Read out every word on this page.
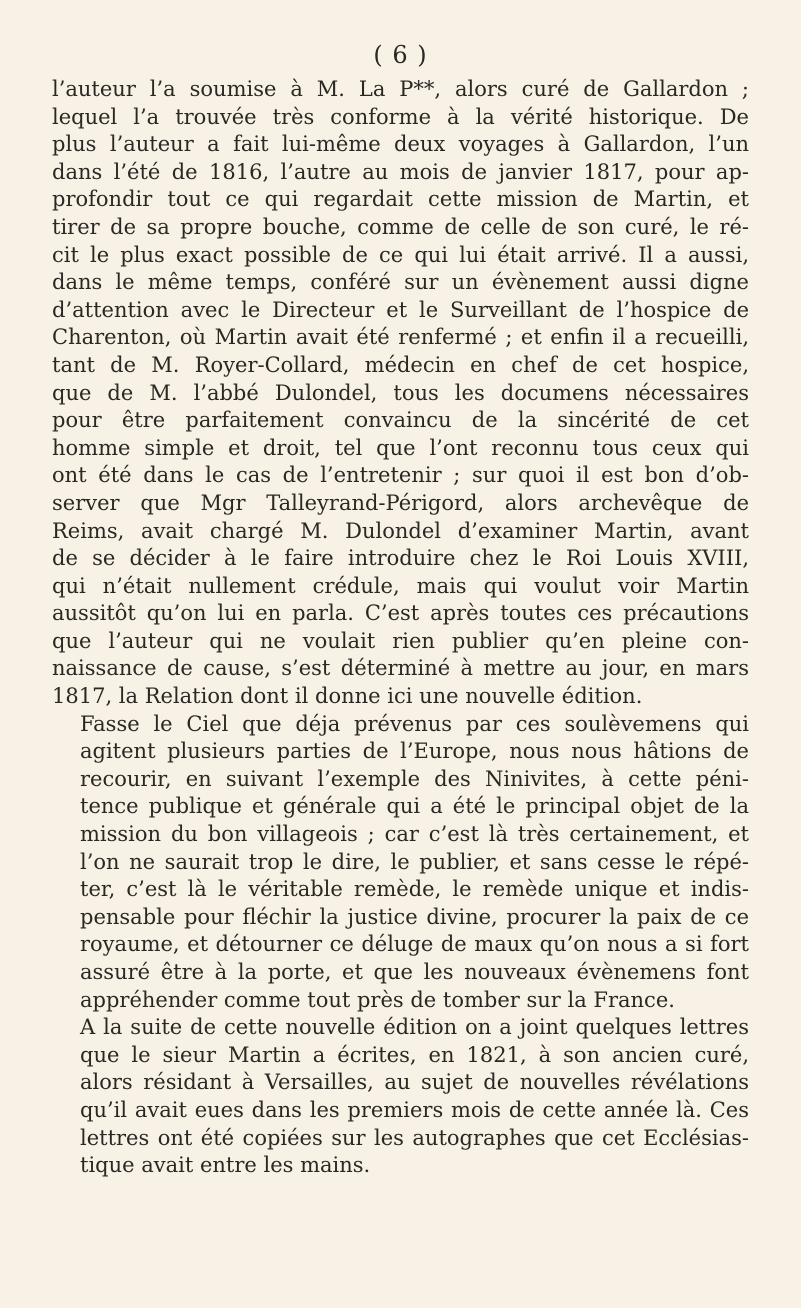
( 6 )

l’auteur l’a soumise à M. La P**, alors curé de Gallardon ;
lequel l’a trouvée très conforme à la vérité historique. De
plus l’auteur a fait lui-même deux voyages à Gallardon, l’un
dans l’été de 1816, l’autre au mois de janvier 1817, pour ap-
profondir tout ce qui regardait cette mission de Martin, et
tirer de sa propre bouche, comme de celle de son curé, le ré-
cit le plus exact possible de ce qui lui était arrivé. Il a aussi,
dans le même temps, conféré sur un évènement aussi digne
d’attention avec le Directeur et le Surveillant de l’hospice de
Charenton, où Martin avait été renfermé ; et enfin il a recueilli,
tant de M. Royer-Collard, médecin en chef de cet hospice,
que de M. l’abbé Dulondel, tous les documens nécessaires
pour être parfaitement convaincu de la sincérité de cet
homme simple et droit, tel que l’ont reconnu tous ceux qui
ont été dans le cas de l’entretenir ; sur quoi il est bon d’ob-
server que Mgr Talleyrand-Périgord, alors archevêque de
Reims, avait chargé M. Dulondel d’examiner Martin, avant
de se décider à le faire introduire chez le Roi Louis XVIII,
qui n’était nullement crédule, mais qui voulut voir Martin
aussitôt qu’on lui en parla. C’est après toutes ces précautions
que l’auteur qui ne voulait rien publier qu’en pleine con-
naissance de cause, s’est déterminé à mettre au jour, en mars
1817, la Relation dont il donne ici une nouvelle édition.

Fasse le Ciel que déja prévenus par ces soulèvemens qui
agitent plusieurs parties de l’Europe, nous nous hâtions de
recourir, en suivant l’exemple des Ninivites, à cette péni-
tence publique et générale qui a été le principal objet de la
mission du bon villageois ; car c’est là très certainement, et
l’on ne saurait trop le dire, le publier, et sans cesse le répé-
ter, c’est là le véritable remède, le remède unique et indis-
pensable pour fléchir la justice divine, procurer la paix de ce
royaume, et détourner ce déluge de maux qu’on nous a si fort
assuré être à la porte, et que les nouveaux évènemens font
appréhender comme tout près de tomber sur la France.

A la suite de cette nouvelle édition on a joint quelques lettres
que le sieur Martin a écrites, en 1821, à son ancien curé,
alors résidant à Versailles, au sujet de nouvelles révélations
qu’il avait eues dans les premiers mois de cette année là. Ces
lettres ont été copiées sur les autographes que cet Ecclésias-
tique avait entre les mains.
